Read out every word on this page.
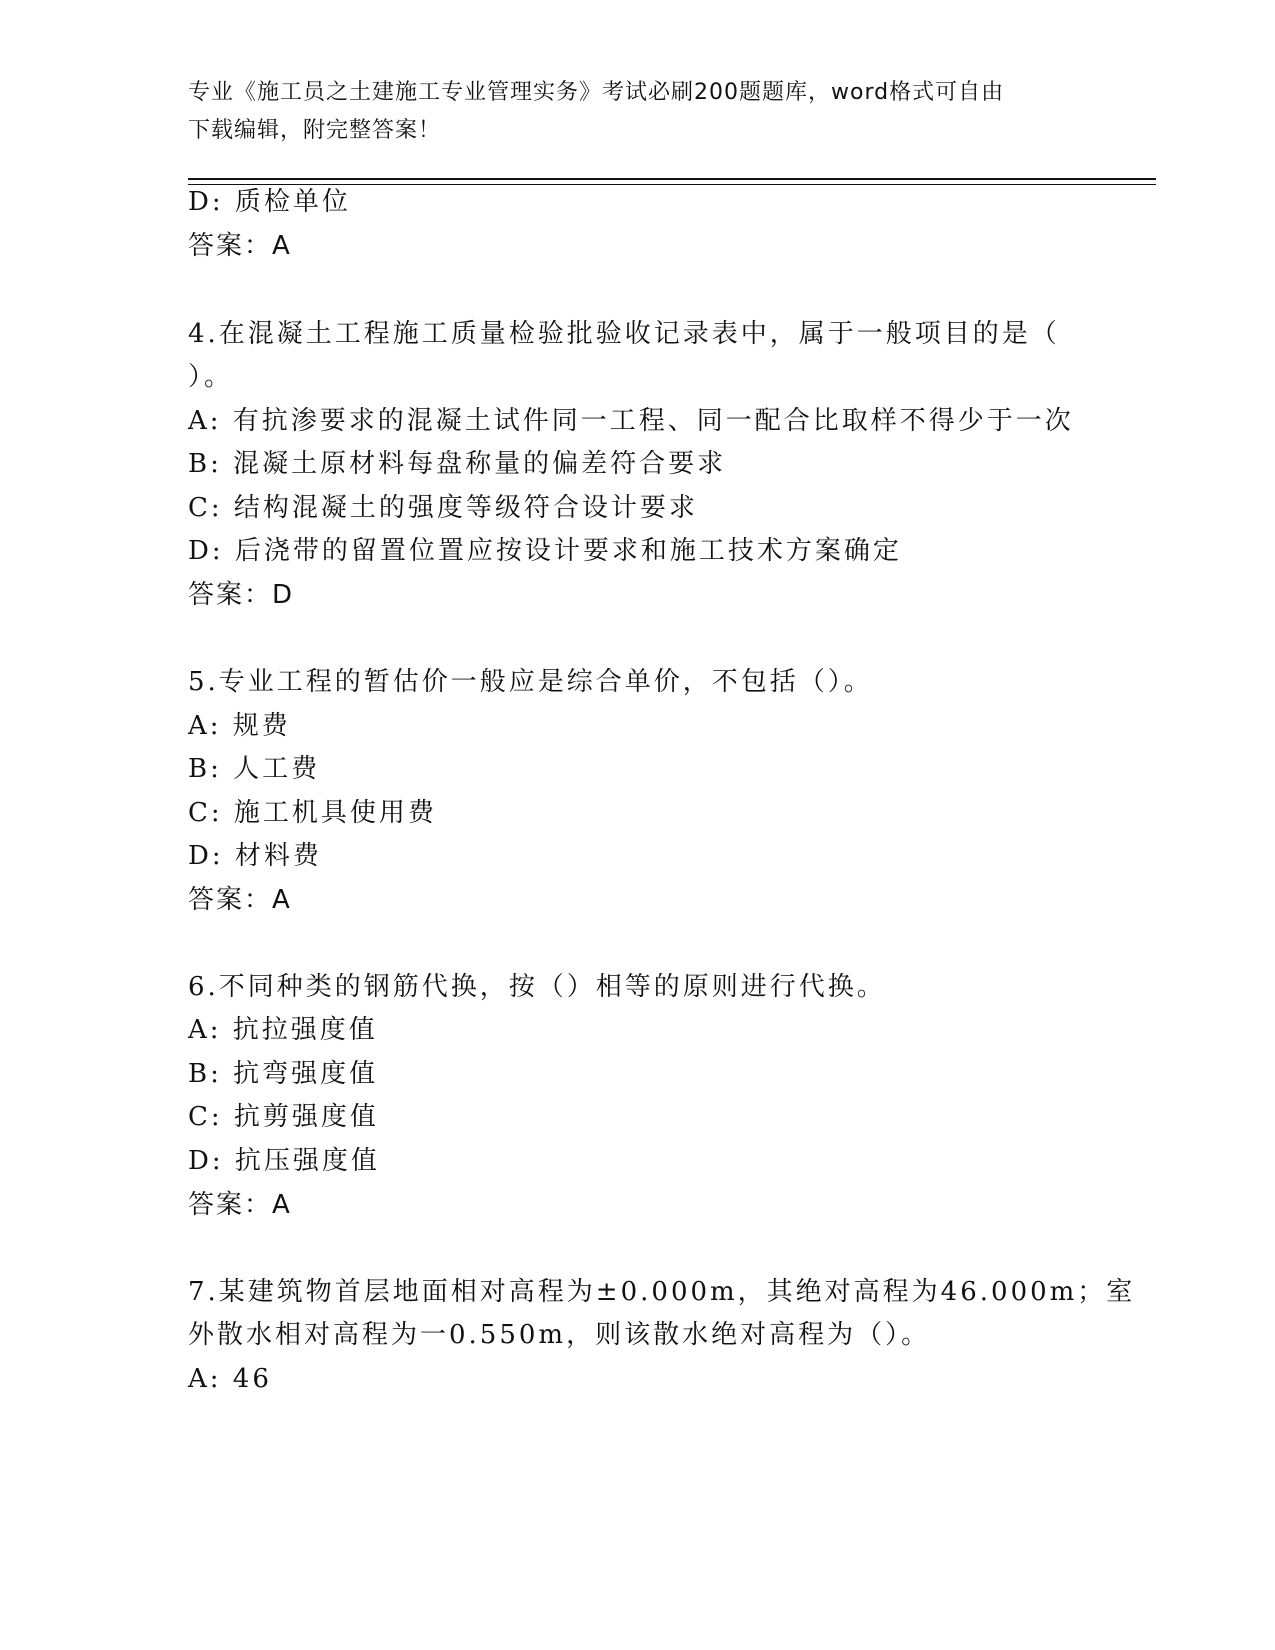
专业《施工员之土建施工专业管理实务》考试必刷200题题库，word格式可自由
下载编辑，附完整答案！
D: 质检单位
答案：A
4.在混凝土工程施工质量检验批验收记录表中，属于一般项目的是（
）。
A: 有抗渗要求的混凝土试件同一工程、同一配合比取样不得少于一次
B: 混凝土原材料每盘称量的偏差符合要求
C: 结构混凝土的强度等级符合设计要求
D: 后浇带的留置位置应按设计要求和施工技术方案确定
答案：D
5.专业工程的暂估价一般应是综合单价，不包括（）。
A: 规费
B: 人工费
C: 施工机具使用费
D: 材料费
答案：A
6.不同种类的钢筋代换，按（）相等的原则进行代换。
A: 抗拉强度值
B: 抗弯强度值
C: 抗剪强度值
D: 抗压强度值
答案：A
7.某建筑物首层地面相对高程为±0.000m，其绝对高程为46.000m；室
外散水相对高程为一0.550m，则该散水绝对高程为（）。
A: 46
